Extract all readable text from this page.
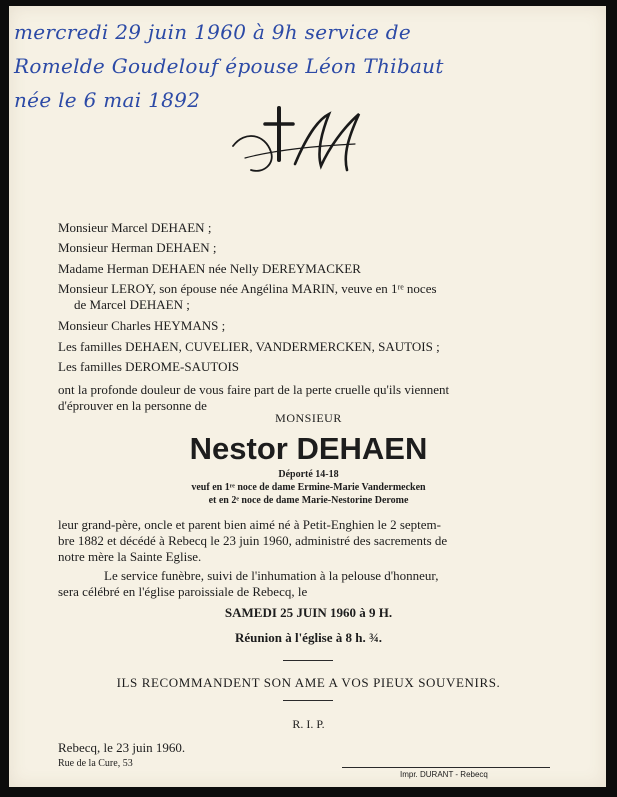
mercredi 29 juin 1960 à 9h service de
Romelde Goudelouf épouse Léon Thibaut
née le 6 mai 1892
Monsieur Marcel DEHAEN ;
Monsieur Herman DEHAEN ;
Madame Herman DEHAEN née Nelly DEREYMACKER
Monsieur LEROY, son épouse née Angélina MARIN, veuve en 1ʳᵉ noces
de Marcel DEHAEN ;
Monsieur Charles HEYMANS ;
Les familles DEHAEN, CUVELIER, VANDERMERCKEN, SAUTOIS ;
Les familles DEROME-SAUTOIS
ont la profonde douleur de vous faire part de la perte cruelle qu'ils viennent
d'éprouver en la personne de
MONSIEUR
Nestor DEHAEN
Déporté 14-18
veuf en 1ʳᵉ noce de dame Ermine-Marie Vandermecken
et en 2ᵉ noce de dame Marie-Nestorine Derome
leur grand-père, oncle et parent bien aimé né à Petit-Enghien le 2 septem-
bre 1882 et décédé à Rebecq le 23 juin 1960, administré des sacrements de
notre mère la Sainte Eglise.
Le service funèbre, suivi de l'inhumation à la pelouse d'honneur,
sera célébré en l'église paroissiale de Rebecq, le
SAMEDI 25 JUIN 1960 à 9 H.
Réunion à l'église à 8 h. ¾.
ILS RECOMMANDENT SON AME A VOS PIEUX SOUVENIRS.
R. I. P.
Rebecq, le 23 juin 1960.
Rue de la Cure, 53
Impr. DURANT - Rebecq
